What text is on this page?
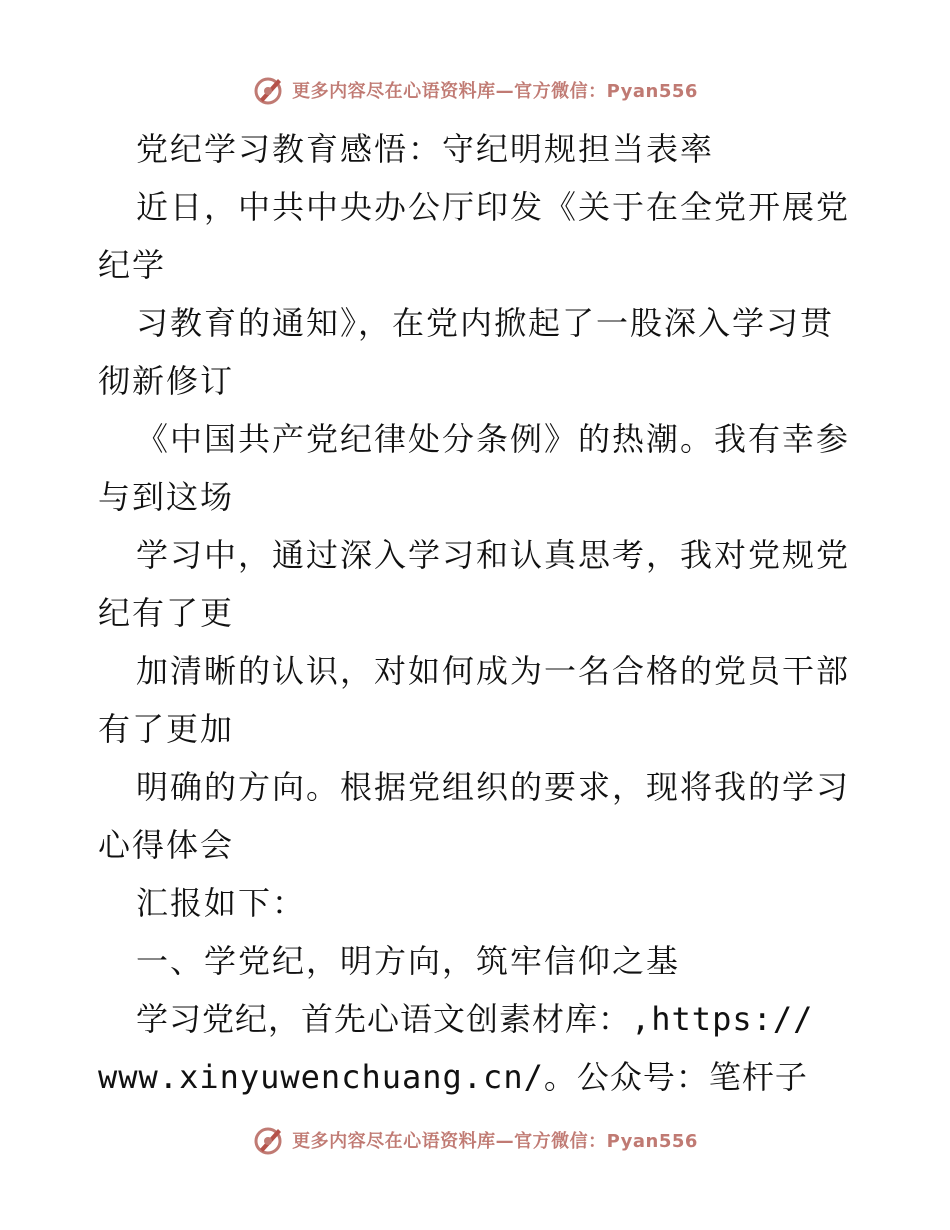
更多内容尽在心语资料库—官方微信：Pyan556
党纪学习教育感悟：守纪明规担当表率
近日，中共中央办公厅印发《关于在全党开展党
纪学
习教育的通知》，在党内掀起了一股深入学习贯
彻新修订
《中国共产党纪律处分条例》的热潮。我有幸参
与到这场
学习中，通过深入学习和认真思考，我对党规党
纪有了更
加清晰的认识，对如何成为一名合格的党员干部
有了更加
明确的方向。根据党组织的要求，现将我的学习
心得体会
汇报如下：
一、学党纪，明方向，筑牢信仰之基
学习党纪，首先心语文创素材库：,https://
www.xinyuwenchuang.cn/。公众号：笔杆子
更多内容尽在心语资料库—官方微信：Pyan556
